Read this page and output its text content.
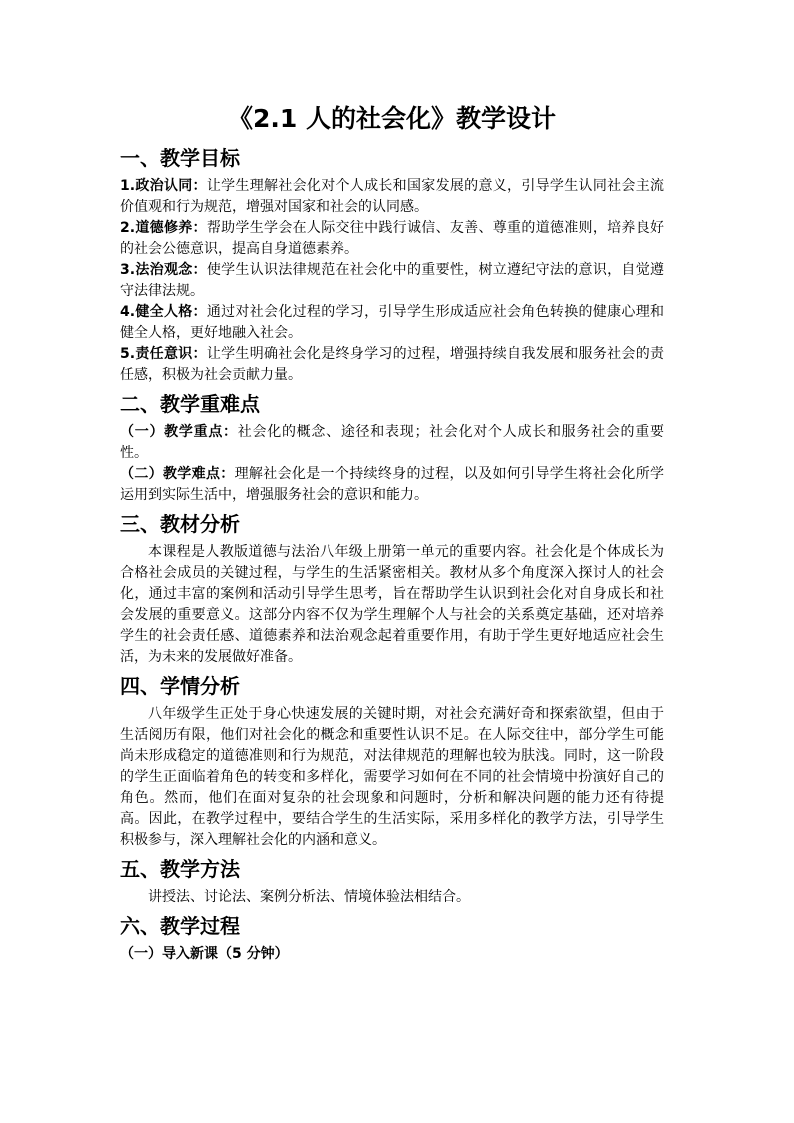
《2.1 人的社会化》教学设计
一、教学目标

1.政治认同：让学生理解社会化对个人成长和国家发展的意义，引导学生认同社会主流价值观和行为规范，增强对国家和社会的认同感。

2.道德修养：帮助学生学会在人际交往中践行诚信、友善、尊重的道德准则，培养良好的社会公德意识，提高自身道德素养。

3.法治观念：使学生认识法律规范在社会化中的重要性，树立遵纪守法的意识，自觉遵守法律法规。

4.健全人格：通过对社会化过程的学习，引导学生形成适应社会角色转换的健康心理和健全人格，更好地融入社会。

5.责任意识：让学生明确社会化是终身学习的过程，增强持续自我发展和服务社会的责任感，积极为社会贡献力量。

二、教学重难点

（一）教学重点：社会化的概念、途径和表现；社会化对个人成长和服务社会的重要性。

（二）教学难点：理解社会化是一个持续终身的过程，以及如何引导学生将社会化所学运用到实际生活中，增强服务社会的意识和能力。

三、教材分析

本课程是人教版道德与法治八年级上册第一单元的重要内容。社会化是个体成长为合格社会成员的关键过程，与学生的生活紧密相关。教材从多个角度深入探讨人的社会化，通过丰富的案例和活动引导学生思考，旨在帮助学生认识到社会化对自身成长和社会发展的重要意义。这部分内容不仅为学生理解个人与社会的关系奠定基础，还对培养学生的社会责任感、道德素养和法治观念起着重要作用，有助于学生更好地适应社会生活，为未来的发展做好准备。

四、学情分析

八年级学生正处于身心快速发展的关键时期，对社会充满好奇和探索欲望，但由于生活阅历有限，他们对社会化的概念和重要性认识不足。在人际交往中，部分学生可能尚未形成稳定的道德准则和行为规范，对法律规范的理解也较为肤浅。同时，这一阶段的学生正面临着角色的转变和多样化，需要学习如何在不同的社会情境中扮演好自己的角色。然而，他们在面对复杂的社会现象和问题时，分析和解决问题的能力还有待提高。因此，在教学过程中，要结合学生的生活实际，采用多样化的教学方法，引导学生积极参与，深入理解社会化的内涵和意义。

五、教学方法

讲授法、讨论法、案例分析法、情境体验法相结合。

六、教学过程
（一）导入新课（5 分钟）
